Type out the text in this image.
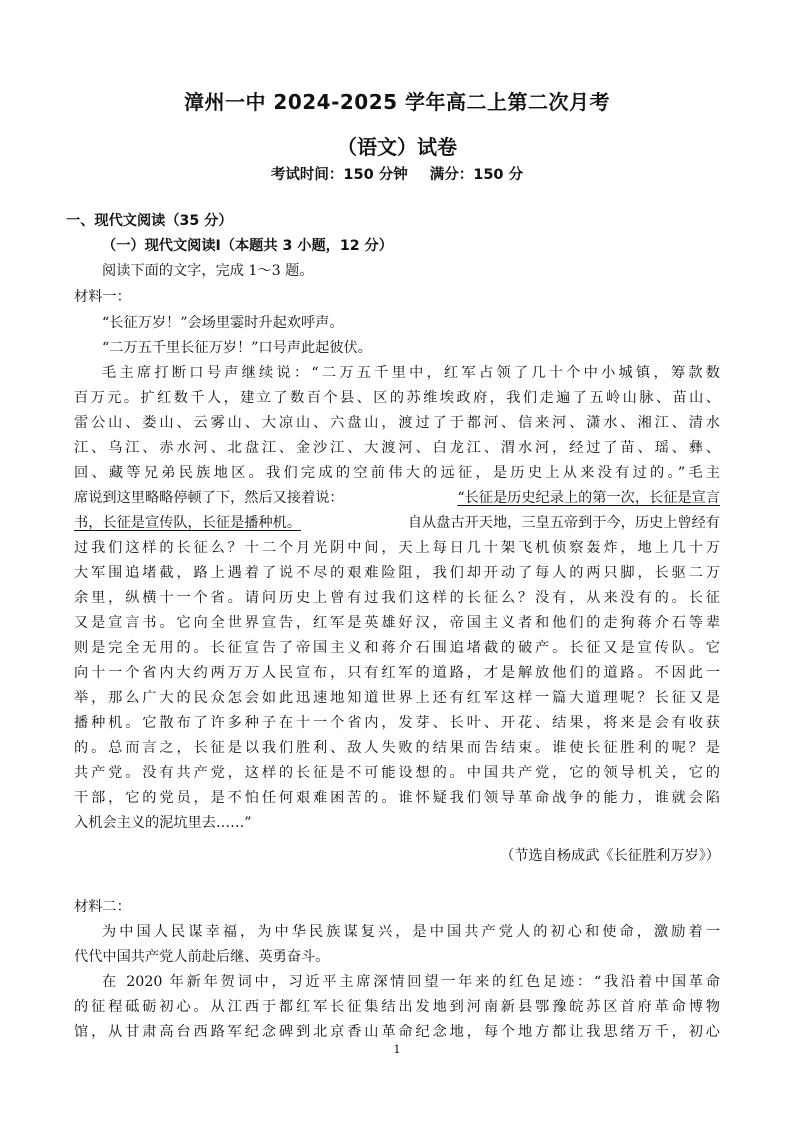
漳州一中 2024-2025 学年高二上第二次月考
（语文）试卷
考试时间：150 分钟 满分：150 分
一、现代文阅读（35 分）
（一）现代文阅读Ⅰ（本题共 3 小题，12 分）
阅读下面的文字，完成 1～3 题。
材料一：
“长征万岁！”会场里霎时升起欢呼声。
“二万五千里长征万岁！”口号声此起彼伏。
毛主席打断口号声继续说：“二万五千里中，红军占领了几十个中小城镇，筹款数
百万元。扩红数千人，建立了数百个县、区的苏维埃政府，我们走遍了五岭山脉、苗山、
雷公山、娄山、云雾山、大凉山、六盘山，渡过了于都河、信来河、潇水、湘江、清水
江、乌江、赤水河、北盘江、金沙江、大渡河、白龙江、渭水河，经过了苗、瑶、彝、
回、藏等兄弟民族地区。我们完成的空前伟大的远征，是历史上从来没有过的。”毛主
席说到这里略略停顿了下，然后又接着说：	“长征是历史纪录上的第一次，长征是宣言
书，长征是宣传队，长征是播种机。	自从盘古开天地，三皇五帝到于今，历史上曾经有
过我们这样的长征么？十二个月光阴中间，天上每日几十架飞机侦察轰炸，地上几十万
大军围追堵截，路上遇着了说不尽的艰难险阻，我们却开动了每人的两只脚，长驱二万
余里，纵横十一个省。请问历史上曾有过我们这样的长征么？没有，从来没有的。长征
又是宣言书。它向全世界宣告，红军是英雄好汉，帝国主义者和他们的走狗蒋介石等辈
则是完全无用的。长征宣告了帝国主义和蒋介石围追堵截的破产。长征又是宣传队。它
向十一个省内大约两万万人民宣布，只有红军的道路，才是解放他们的道路。不因此一
举，那么广大的民众怎会如此迅速地知道世界上还有红军这样一篇大道理呢？长征又是
播种机。它散布了许多种子在十一个省内，发芽、长叶、开花、结果，将来是会有收获
的。总而言之，长征是以我们胜利、敌人失败的结果而告结束。谁使长征胜利的呢？是
共产党。没有共产党，这样的长征是不可能设想的。中国共产党，它的领导机关，它的
干部，它的党员，是不怕任何艰难困苦的。谁怀疑我们领导革命战争的能力，谁就会陷
入机会主义的泥坑里去……”
（节选自杨成武《长征胜利万岁》）
材料二：
为中国人民谋幸福，为中华民族谋复兴，是中国共产党人的初心和使命，激励着一
代代中国共产党人前赴后继、英勇奋斗。
在 2020 年新年贺词中，习近平主席深情回望一年来的红色足迹：“我沿着中国革命
的征程砥砺初心。从江西于都红军长征集结出发地到河南新县鄂豫皖苏区首府革命博物
馆，从甘肃高台西路军纪念碑到北京香山革命纪念地，每个地方都让我思绪万千，初心
1
